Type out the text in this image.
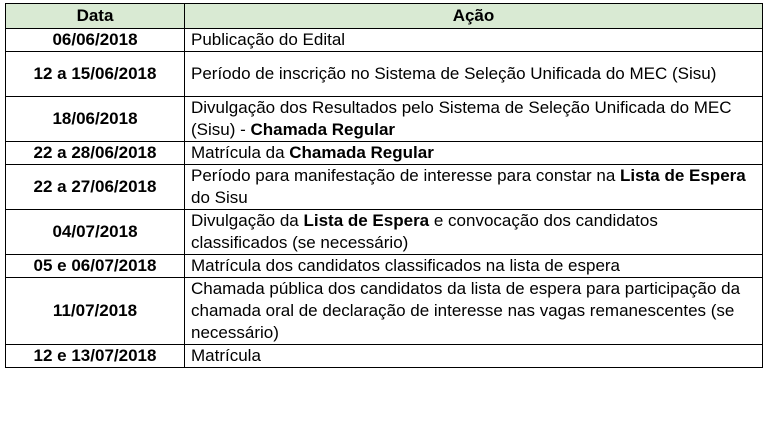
Data	Ação
06/06/2018	Publicação do Edital
12 a 15/06/2018	Período de inscrição no Sistema de Seleção Unificada do MEC (Sisu)
18/06/2018	Divulgação dos Resultados pelo Sistema de Seleção Unificada do MEC (Sisu) - Chamada Regular
22 a 28/06/2018	Matrícula da Chamada Regular
22 a 27/06/2018	Período para manifestação de interesse para constar na Lista de Espera do Sisu
04/07/2018	Divulgação da Lista de Espera e convocação dos candidatos classificados (se necessário)
05 e 06/07/2018	Matrícula dos candidatos classificados na lista de espera
11/07/2018	Chamada pública dos candidatos da lista de espera para participação da chamada oral de declaração de interesse nas vagas remanescentes (se necessário)
12 e 13/07/2018	Matrícula
